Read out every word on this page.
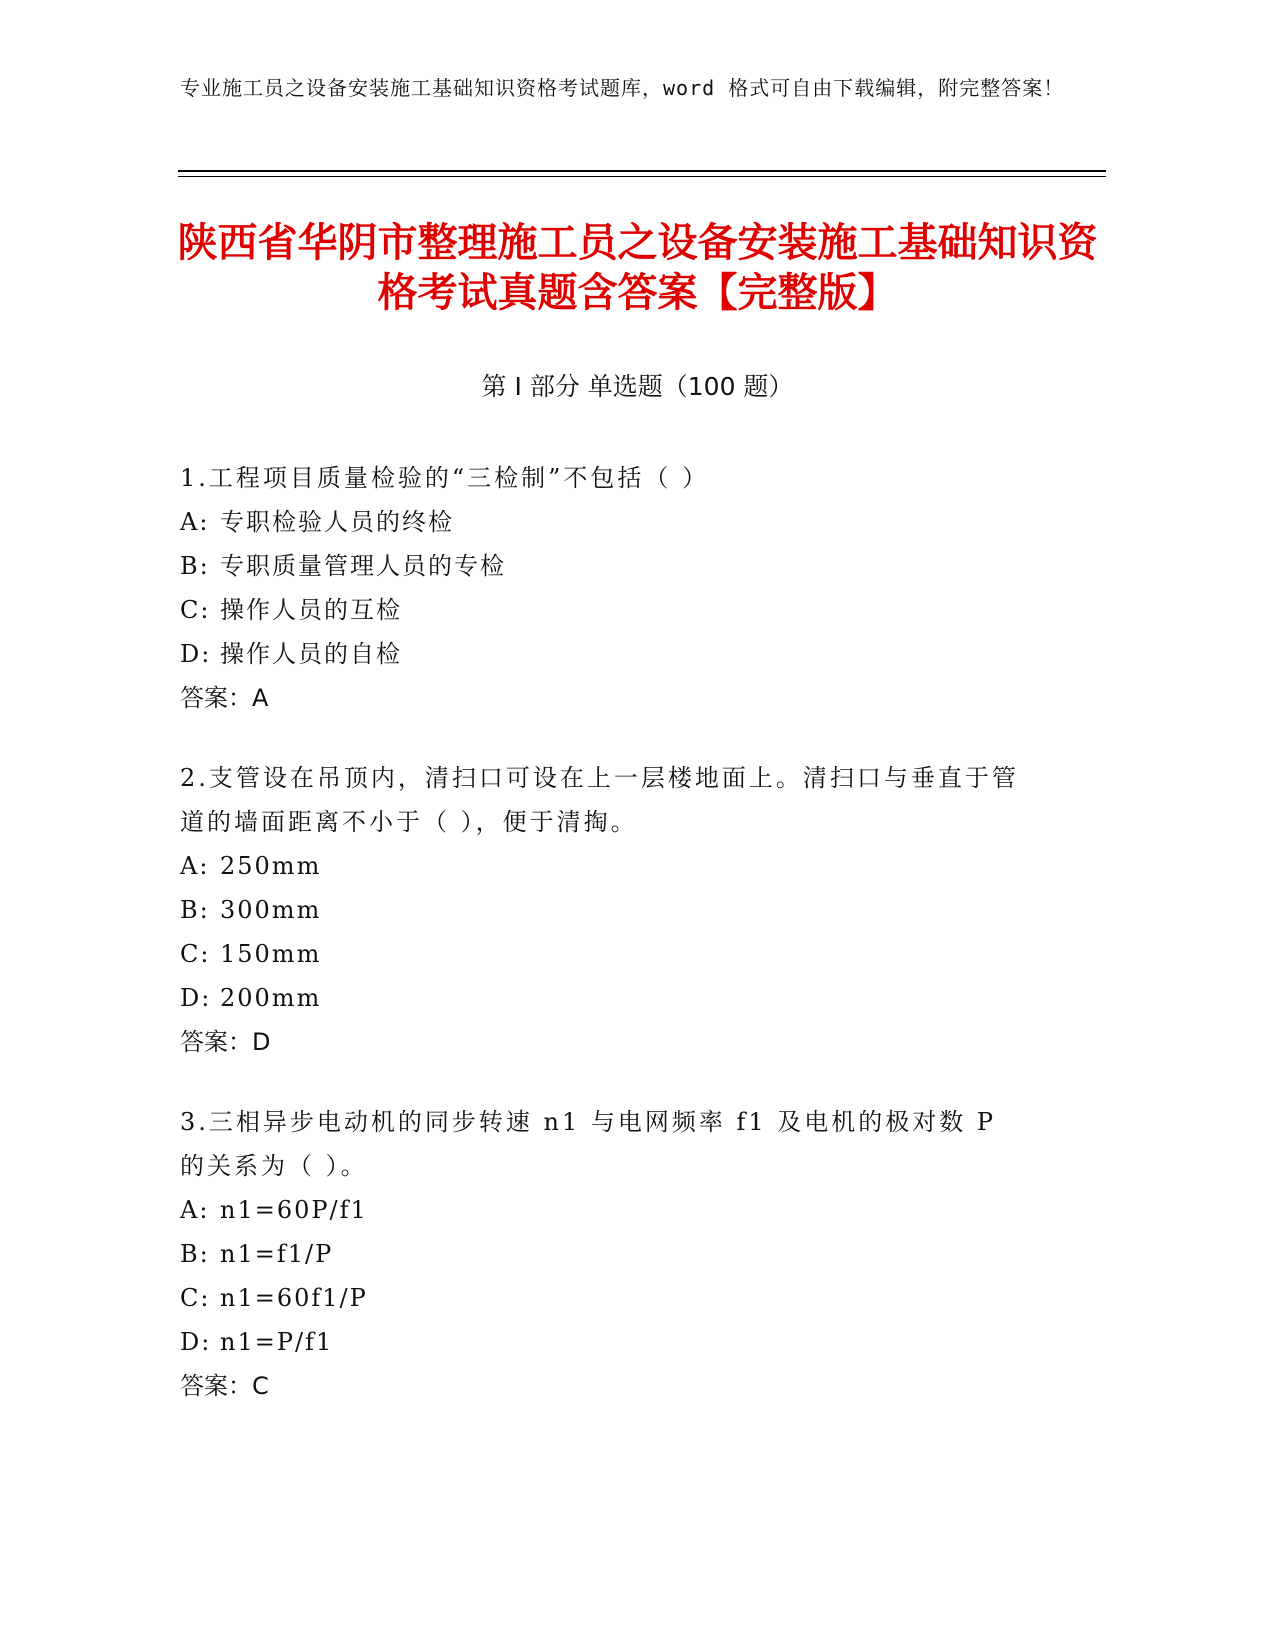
专业施工员之设备安装施工基础知识资格考试题库，word 格式可自由下载编辑，附完整答案！
陕西省华阴市整理施工员之设备安装施工基础知识资格考试真题含答案【完整版】
第 I 部分 单选题（100 题）

1.工程项目质量检验的“三检制”不包括（ ）

A: 专职检验人员的终检
B: 专职质量管理人员的专检
C: 操作人员的互检
D: 操作人员的自检
答案：A

2.支管设在吊顶内，清扫口可设在上一层楼地面上。清扫口与垂直于管道的墙面距离不小于（ ），便于清掏。

A: 250mm
B: 300mm
C: 150mm
D: 200mm
答案：D

3.三相异步电动机的同步转速 n1 与电网频率 f1 及电机的极对数 P 的关系为（ ）。

A: n1=60P/f1
B: n1=f1/P
C: n1=60f1/P
D: n1=P/f1
答案：C
